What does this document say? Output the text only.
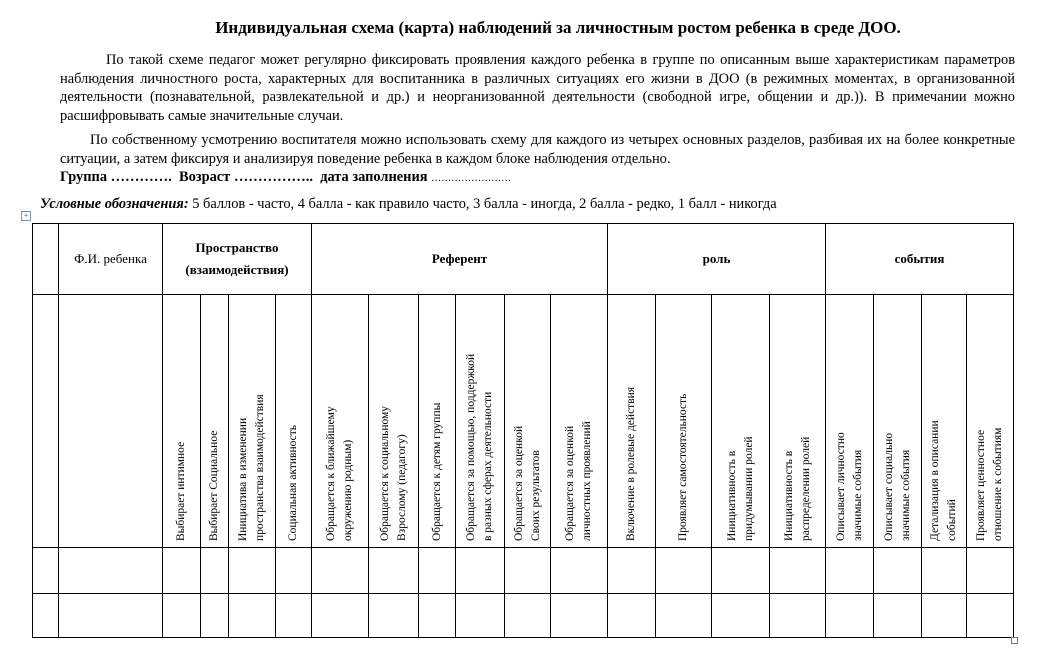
Индивидуальная схема (карта) наблюдений за личностным ростом ребенка в среде ДОО.
По такой схеме педагог может регулярно фиксировать проявления каждого ребенка в группе по описанным выше характеристикам параметров наблюдения личностного роста, характерных для воспитанника в различных ситуациях его жизни в ДОО (в режимных моментах, в организованной деятельности (познавательной, развлекательной и др.) и неорганизованной деятельности (свободной игре, общении и др.)). В примечании можно расшифровывать самые значительные случаи.
По собственному усмотрению воспитателя можно использовать схему для каждого из четырех основных разделов, разбивая их на более конкретные ситуации, а затем фиксируя и анализируя поведение ребенка в каждом блоке наблюдения отдельно.
Группа …………. Возраст …………….. дата заполнения ……………………
Условные обозначения: 5 баллов - часто, 4 балла - как правило часто, 3 балла - иногда, 2 балла - редко, 1 балл - никогда
+
	Ф.И. ребенка	Пространство (взаимодействия)				Референт						роль				события			

		Выбирает интимное	Выбирает Социальное	Инициатива в изменении
пространства взаимодействия	Социальная активность	Обращается к ближайшему
окружению родным)	Обращается к социальному
Взрослому (педагогу)	Обращается к детям группы	Обращается за помощью, поддержкой
в разных сферах деятельности	Обращается за оценкой
Своих результатов	Обращается за оценкой
личностных проявлений	Включение в ролевые действия	Проявляет самостоятельность	Инициативность в
придумывании ролей	Инициативность в
распределении ролей	Описывает личностно
значимые события	Описывает социально
значимые события	Детализация в описании
событий	Проявляет ценностное
отношение к событиям
